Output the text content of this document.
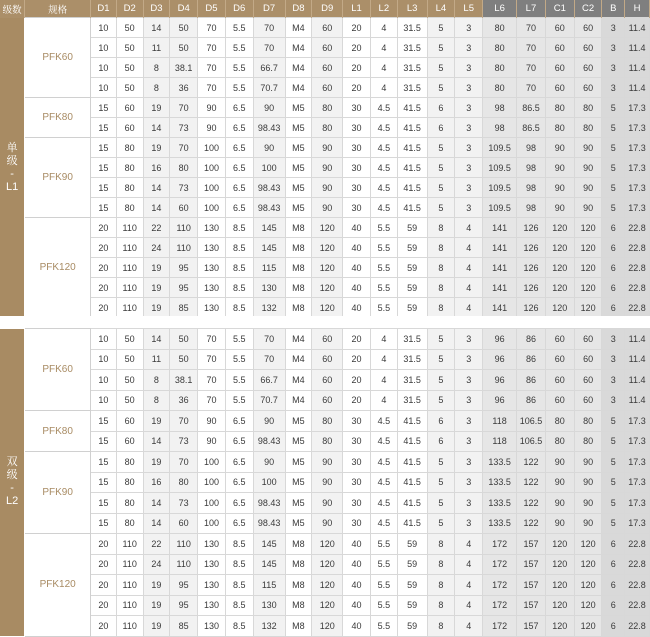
级数	规格	D1	D2	D3	D4	D5	D6	D7	D8	D9	L1	L2	L3	L4	L5	L6	L7	C1	C2	B	H
单
级
-
L1	PFK60	10	50	14	50	70	5.5	70	M4	60	20	4	31.5	5	3	80	70	60	60	3	11.4
		10	50	11	50	70	5.5	70	M4	60	20	4	31.5	5	3	80	70	60	60	3	11.4
		10	50	8	38.1	70	5.5	66.7	M4	60	20	4	31.5	5	3	80	70	60	60	3	11.4
		10	50	8	36	70	5.5	70.7	M4	60	20	4	31.5	5	3	80	70	60	60	3	11.4
	PFK80	15	60	19	70	90	6.5	90	M5	80	30	4.5	41.5	6	3	98	86.5	80	80	5	17.3
		15	60	14	73	90	6.5	98.43	M5	80	30	4.5	41.5	6	3	98	86.5	80	80	5	17.3
	PFK90	15	80	19	70	100	6.5	90	M5	90	30	4.5	41.5	5	3	109.5	98	90	90	5	17.3
		15	80	16	80	100	6.5	100	M5	90	30	4.5	41.5	5	3	109.5	98	90	90	5	17.3
		15	80	14	73	100	6.5	98.43	M5	90	30	4.5	41.5	5	3	109.5	98	90	90	5	17.3
		15	80	14	60	100	6.5	98.43	M5	90	30	4.5	41.5	5	3	109.5	98	90	90	5	17.3
	PFK120	20	110	22	110	130	8.5	145	M8	120	40	5.5	59	8	4	141	126	120	120	6	22.8
		20	110	24	110	130	8.5	145	M8	120	40	5.5	59	8	4	141	126	120	120	6	22.8
		20	110	19	95	130	8.5	115	M8	120	40	5.5	59	8	4	141	126	120	120	6	22.8
		20	110	19	95	130	8.5	130	M8	120	40	5.5	59	8	4	141	126	120	120	6	22.8
		20	110	19	85	130	8.5	132	M8	120	40	5.5	59	8	4	141	126	120	120	6	22.8
双
级
-
L2	PFK60	10	50	14	50	70	5.5	70	M4	60	20	4	31.5	5	3	96	86	60	60	3	11.4
		10	50	11	50	70	5.5	70	M4	60	20	4	31.5	5	3	96	86	60	60	3	11.4
		10	50	8	38.1	70	5.5	66.7	M4	60	20	4	31.5	5	3	96	86	60	60	3	11.4
		10	50	8	36	70	5.5	70.7	M4	60	20	4	31.5	5	3	96	86	60	60	3	11.4
	PFK80	15	60	19	70	90	6.5	90	M5	80	30	4.5	41.5	6	3	118	106.5	80	80	5	17.3
		15	60	14	73	90	6.5	98.43	M5	80	30	4.5	41.5	6	3	118	106.5	80	80	5	17.3
	PFK90	15	80	19	70	100	6.5	90	M5	90	30	4.5	41.5	5	3	133.5	122	90	90	5	17.3
		15	80	16	80	100	6.5	100	M5	90	30	4.5	41.5	5	3	133.5	122	90	90	5	17.3
		15	80	14	73	100	6.5	98.43	M5	90	30	4.5	41.5	5	3	133.5	122	90	90	5	17.3
		15	80	14	60	100	6.5	98.43	M5	90	30	4.5	41.5	5	3	133.5	122	90	90	5	17.3
	PFK120	20	110	22	110	130	8.5	145	M8	120	40	5.5	59	8	4	172	157	120	120	6	22.8
		20	110	24	110	130	8.5	145	M8	120	40	5.5	59	8	4	172	157	120	120	6	22.8
		20	110	19	95	130	8.5	115	M8	120	40	5.5	59	8	4	172	157	120	120	6	22.8
		20	110	19	95	130	8.5	130	M8	120	40	5.5	59	8	4	172	157	120	120	6	22.8
		20	110	19	85	130	8.5	132	M8	120	40	5.5	59	8	4	172	157	120	120	6	22.8
